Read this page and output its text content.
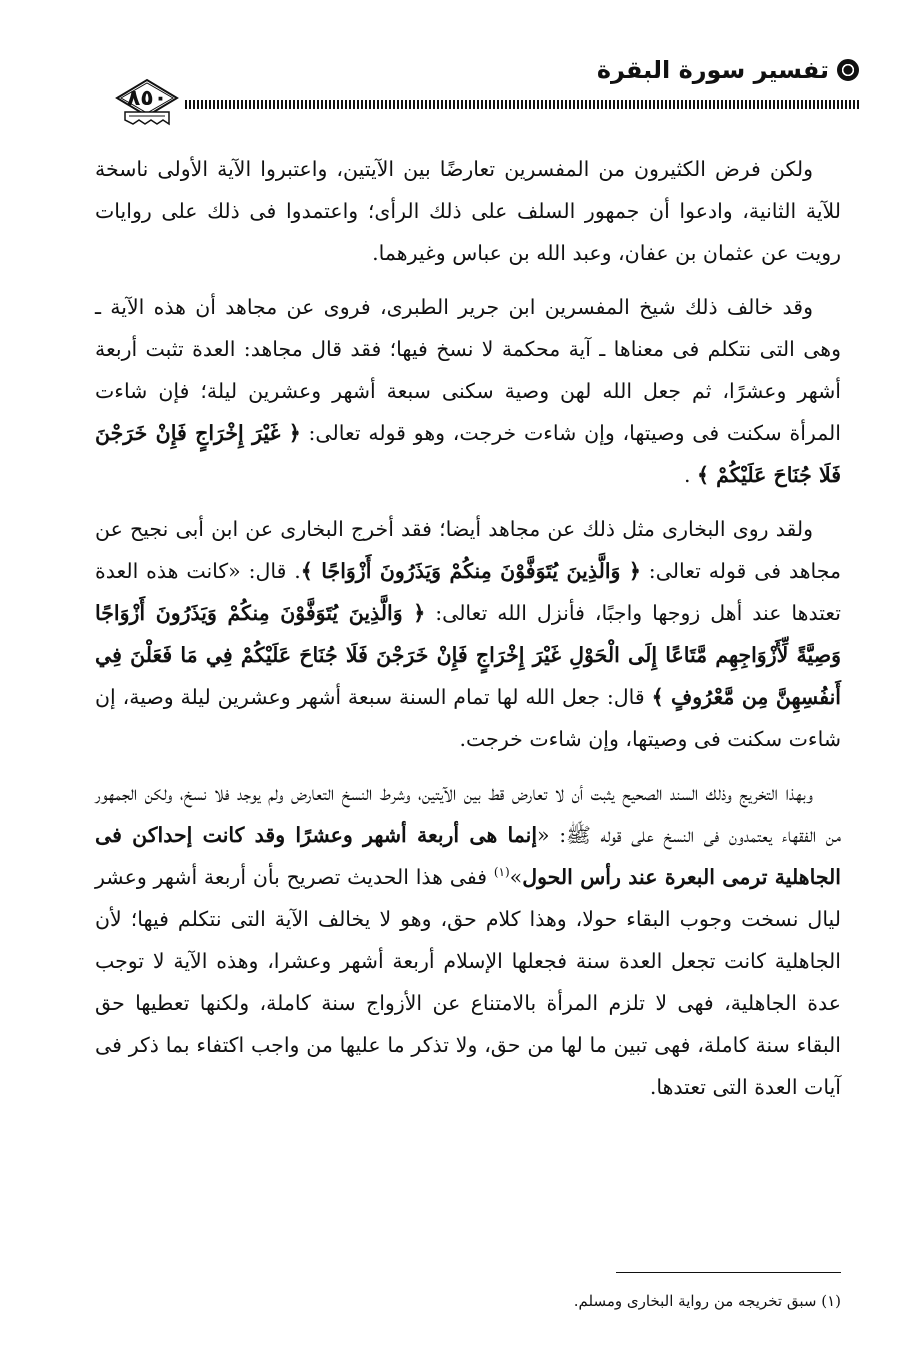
تفسير سورة البقرة
٨٥٠

ولكن فرض الكثيرون من المفسرين تعارضًا بين الآيتين، واعتبروا الآية الأولى ناسخة للآية الثانية، وادعوا أن جمهور السلف على ذلك الرأى؛ واعتمدوا فى ذلك على روايات رويت عن عثمان بن عفان، وعبد الله بن عباس وغيرهما.

وقد خالف ذلك شيخ المفسرين ابن جرير الطبرى، فروى عن مجاهد أن هذه الآية ـ وهى التى نتكلم فى معناها ـ آية محكمة لا نسخ فيها؛ فقد قال مجاهد: العدة تثبت أربعة أشهر وعشرًا، ثم جعل الله لهن وصية سكنى سبعة أشهر وعشرين ليلة؛ فإن شاءت المرأة سكنت فى وصيتها، وإن شاءت خرجت، وهو قوله تعالى: ﴿ غَيْرَ إِخْرَاجٍ فَإِنْ خَرَجْنَ فَلَا جُنَاحَ عَلَيْكُمْ ﴾ .

ولقد روى البخارى مثل ذلك عن مجاهد أيضا؛ فقد أخرج البخارى عن ابن أبى نجيح عن مجاهد فى قوله تعالى: ﴿ وَالَّذِينَ يُتَوَفَّوْنَ مِنكُمْ وَيَذَرُونَ أَزْوَاجًا ﴾. قال: «كانت هذه العدة تعتدها عند أهل زوجها واجبًا، فأنزل الله تعالى: ﴿ وَالَّذِينَ يُتَوَفَّوْنَ مِنكُمْ وَيَذَرُونَ أَزْوَاجًا وَصِيَّةً لِّأَزْوَاجِهِم مَّتَاعًا إِلَى الْحَوْلِ غَيْرَ إِخْرَاجٍ فَإِنْ خَرَجْنَ فَلَا جُنَاحَ عَلَيْكُمْ فِي مَا فَعَلْنَ فِي أَنفُسِهِنَّ مِن مَّعْرُوفٍ ﴾ قال: جعل الله لها تمام السنة سبعة أشهر وعشرين ليلة وصية، إن شاءت سكنت فى وصيتها، وإن شاءت خرجت.

وبهذا التخريج وذلك السند الصحيح يثبت أن لا تعارض قط بين الآيتين، وشرط النسخ التعارض ولم يوجد فلا نسخ، ولكن الجمهور من الفقهاء يعتمدون فى النسخ على قوله ﷺ: «إنما هى أربعة أشهر وعشرًا وقد كانت إحداكن فى الجاهلية ترمى البعرة عند رأس الحول»$^{(١)}$ ففى هذا الحديث تصريح بأن أربعة أشهر وعشر ليال نسخت وجوب البقاء حولا، وهذا كلام حق، وهو لا يخالف الآية التى نتكلم فيها؛ لأن الجاهلية كانت تجعل العدة سنة فجعلها الإسلام أربعة أشهر وعشرا، وهذه الآية لا توجب عدة الجاهلية، فهى لا تلزم المرأة بالامتناع عن الأزواج سنة كاملة، ولكنها تعطيها حق البقاء سنة كاملة، فهى تبين ما لها من حق، ولا تذكر ما عليها من واجب اكتفاء بما ذكر فى آيات العدة التى تعتدها.

(١) سبق تخريجه من رواية البخارى ومسلم.
